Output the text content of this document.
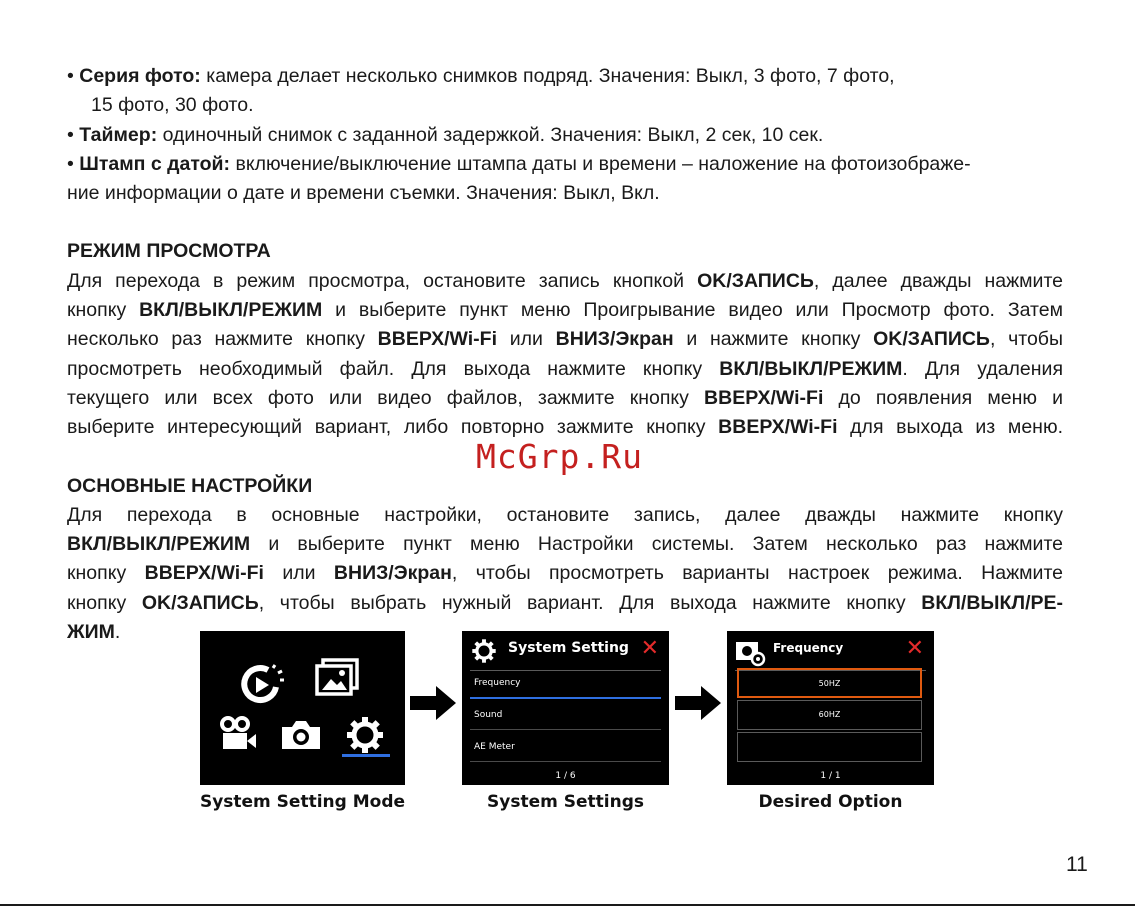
• Серия фото: камера делает несколько снимков подряд. Значения: Выкл, 3 фото, 7 фото,

15 фото, 30 фото.

• Таймер: одиночный снимок с заданной задержкой. Значения: Выкл, 2 сек, 10 сек.

• Штамп с датой: включение/выключение штампа даты и времени – наложение на фотоизображе-

ние информации о дате и времени съемки. Значения: Выкл, Вкл.

РЕЖИМ ПРОСМОТРА

Для перехода в режим просмотра, остановите запись кнопкой OK/ЗАПИСЬ, далее дважды нажмите

кнопку ВКЛ/ВЫКЛ/РЕЖИМ и выберите пункт меню Проигрывание видео или Просмотр фото. Затем

несколько раз нажмите кнопку ВВЕРХ/Wi-Fi или ВНИЗ/Экран и нажмите кнопку OK/ЗАПИСЬ, чтобы

просмотреть необходимый файл. Для выхода нажмите кнопку ВКЛ/ВЫКЛ/РЕЖИМ. Для удаления

текущего или всех фото или видео файлов, зажмите кнопку ВВЕРХ/Wi-Fi до появления меню и

выберите интересующий вариант, либо повторно зажмите кнопку ВВЕРХ/Wi-Fi для выхода из меню.

ОСНОВНЫЕ НАСТРОЙКИ

Для перехода в основные настройки, остановите запись, далее дважды нажмите кнопку

ВКЛ/ВЫКЛ/РЕЖИМ и выберите пункт меню Настройки системы. Затем несколько раз нажмите

кнопку ВВЕРХ/Wi-Fi или ВНИЗ/Экран, чтобы просмотреть варианты настроек режима. Нажмите

кнопку OK/ЗАПИСЬ, чтобы выбрать нужный вариант. Для выхода нажмите кнопку ВКЛ/ВЫКЛ/РЕ-

ЖИМ.

McGrp.Ru
System Setting ✕
Frequency
Sound
AE Meter
1 / 6
Frequency	✕
50HZ
60HZ
1 / 1
System Setting Mode	System Settings	Desired Option
11
